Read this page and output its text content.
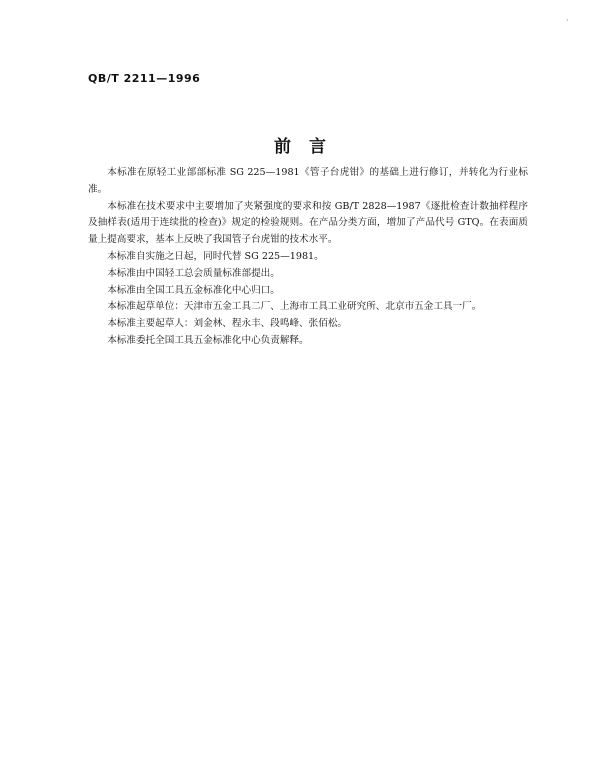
·
QB/T 2211—1996
前言

本标准在原轻工业部部标准 SG 225—1981《管子台虎钳》的基础上进行修订，并转化为行业标准。

本标准在技术要求中主要增加了夹紧强度的要求和按 GB/T 2828—1987《逐批检查计数抽样程序及抽样表(适用于连续批的检查)》规定的检验规则。在产品分类方面，增加了产品代号 GTQ。在表面质量上提高要求，基本上反映了我国管子台虎钳的技术水平。

本标准自实施之日起，同时代替 SG 225—1981。

本标准由中国轻工总会质量标准部提出。

本标准由全国工具五金标准化中心归口。

本标准起草单位：天津市五金工具二厂、上海市工具工业研究所、北京市五金工具一厂。

本标准主要起草人：刘金林、程永丰、段鸣峰、张佰松。

本标准委托全国工具五金标准化中心负责解释。
